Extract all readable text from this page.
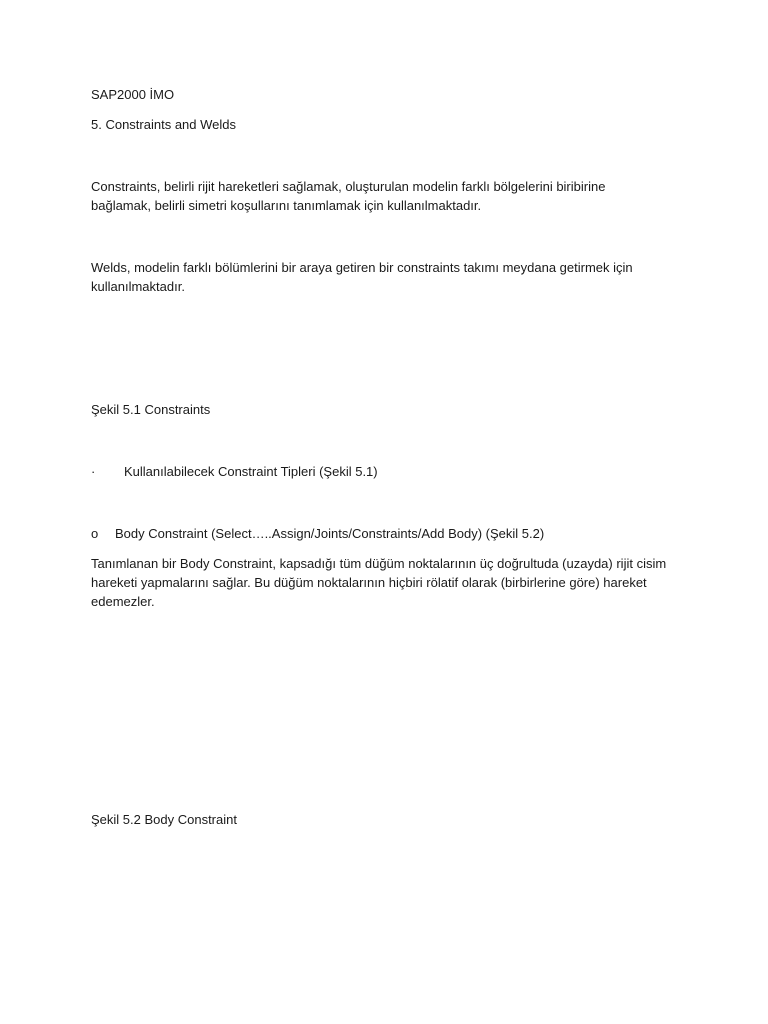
SAP2000 İMO
5. Constraints and Welds
Constraints, belirli rijit hareketleri sağlamak, oluşturulan modelin farklı bölgelerini biribirine
bağlamak, belirli simetri koşullarını tanımlamak için kullanılmaktadır.
Welds, modelin farklı bölümlerini bir araya getiren bir constraints takımı meydana getirmek için
kullanılmaktadır.
Şekil 5.1 Constraints
· Kullanılabilecek Constraint Tipleri (Şekil 5.1)
o Body Constraint (Select…..Assign/Joints/Constraints/Add Body) (Şekil 5.2)
Tanımlanan bir Body Constraint, kapsadığı tüm düğüm noktalarının üç doğrultuda (uzayda) rijit cisim
hareketi yapmalarını sağlar. Bu düğüm noktalarının hiçbiri rölatif olarak (birbirlerine göre) hareket
edemezler.
Şekil 5.2 Body Constraint
